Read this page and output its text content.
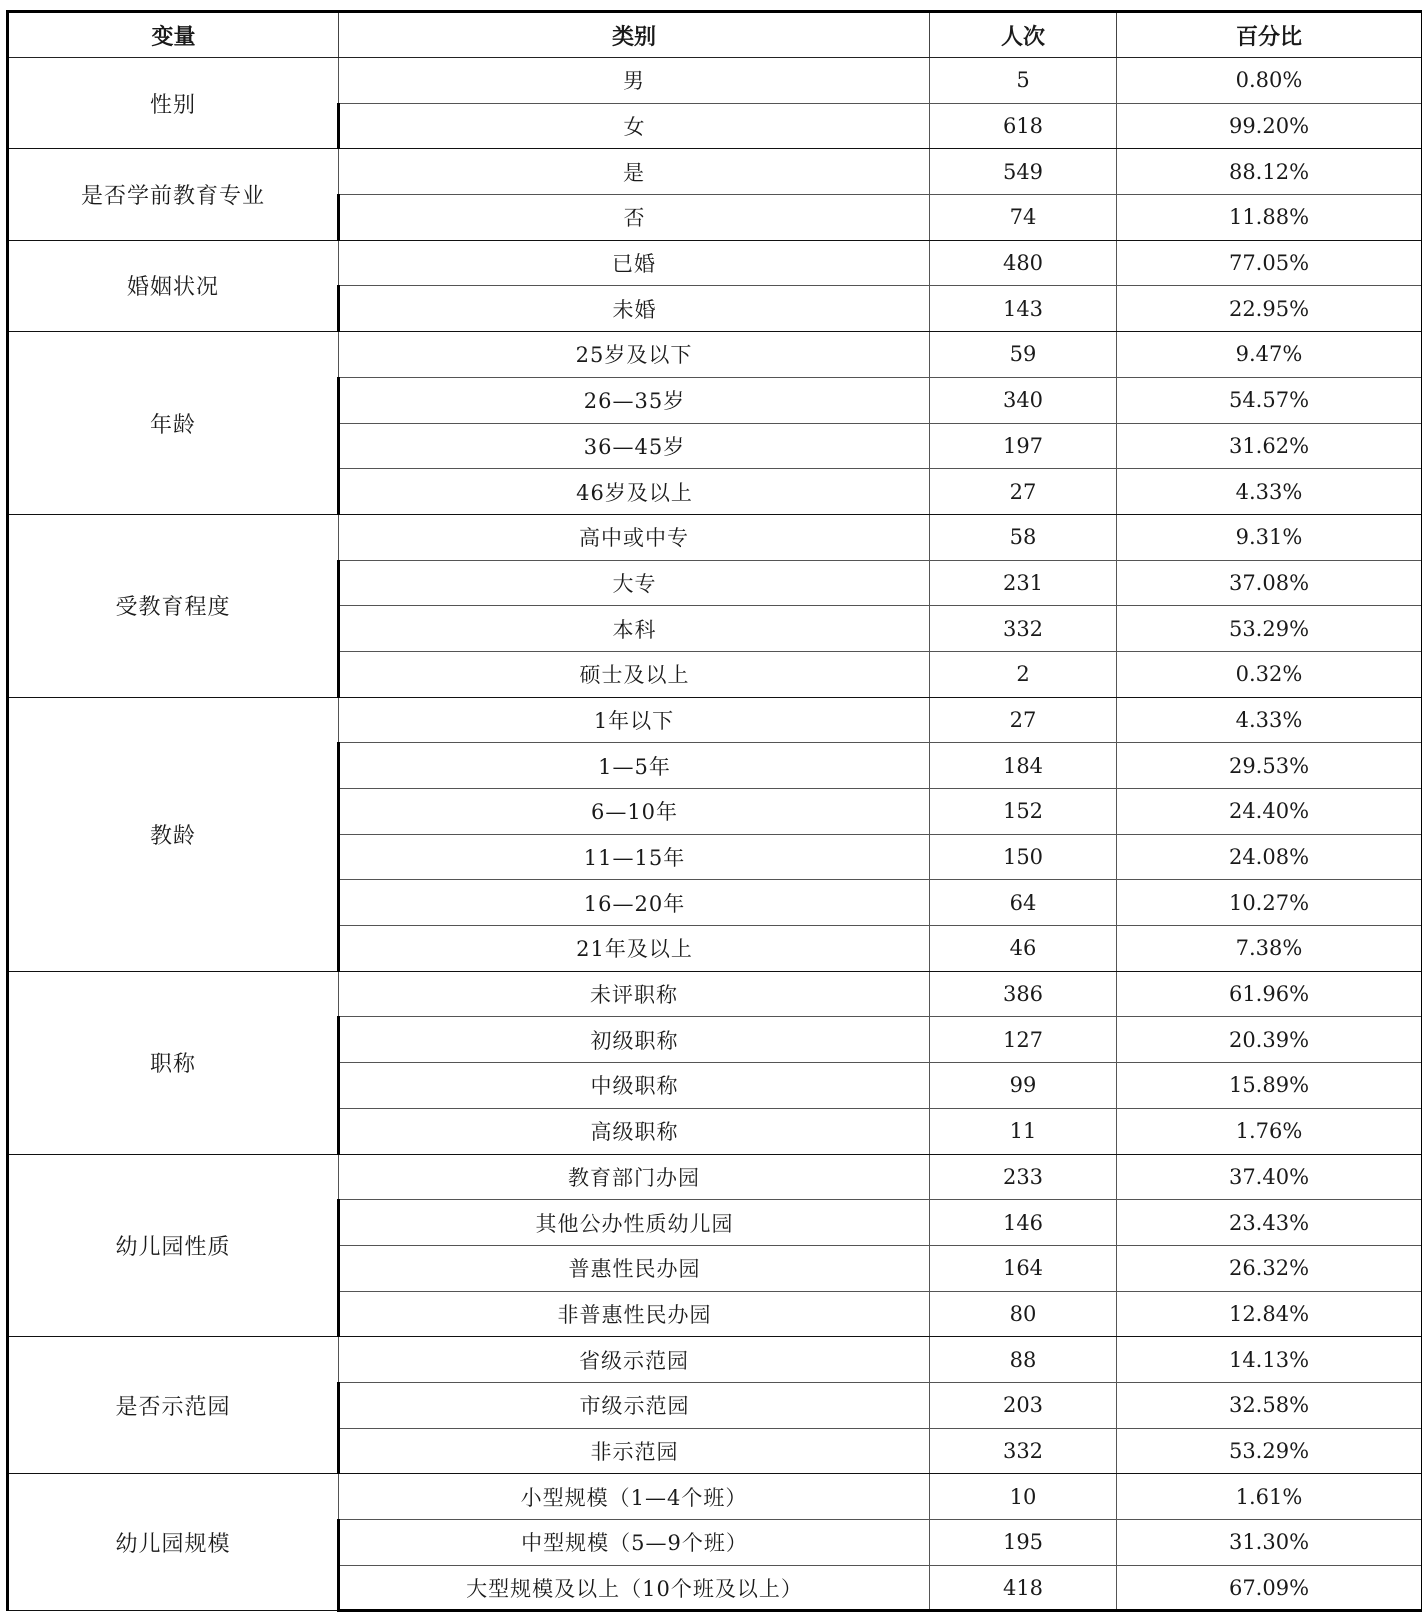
变量	类别	人次	百分比
性别	男	5	0.80%
	女	618	99.20%
是否学前教育专业	是	549	88.12%
	否	74	11.88%
婚姻状况	已婚	480	77.05%
	未婚	143	22.95%
年龄	25岁及以下	59	9.47%
	26—35岁	340	54.57%
	36—45岁	197	31.62%
	46岁及以上	27	4.33%
受教育程度	高中或中专	58	9.31%
	大专	231	37.08%
	本科	332	53.29%
	硕士及以上	2	0.32%
教龄	1年以下	27	4.33%
	1—5年	184	29.53%
	6—10年	152	24.40%
	11—15年	150	24.08%
	16—20年	64	10.27%
	21年及以上	46	7.38%
职称	未评职称	386	61.96%
	初级职称	127	20.39%
	中级职称	99	15.89%
	高级职称	11	1.76%
幼儿园性质	教育部门办园	233	37.40%
	其他公办性质幼儿园	146	23.43%
	普惠性民办园	164	26.32%
	非普惠性民办园	80	12.84%
是否示范园	省级示范园	88	14.13%
	市级示范园	203	32.58%
	非示范园	332	53.29%
幼儿园规模	小型规模（1—4个班）	10	1.61%
	中型规模（5—9个班）	195	31.30%
	大型规模及以上（10个班及以上）	418	67.09%
